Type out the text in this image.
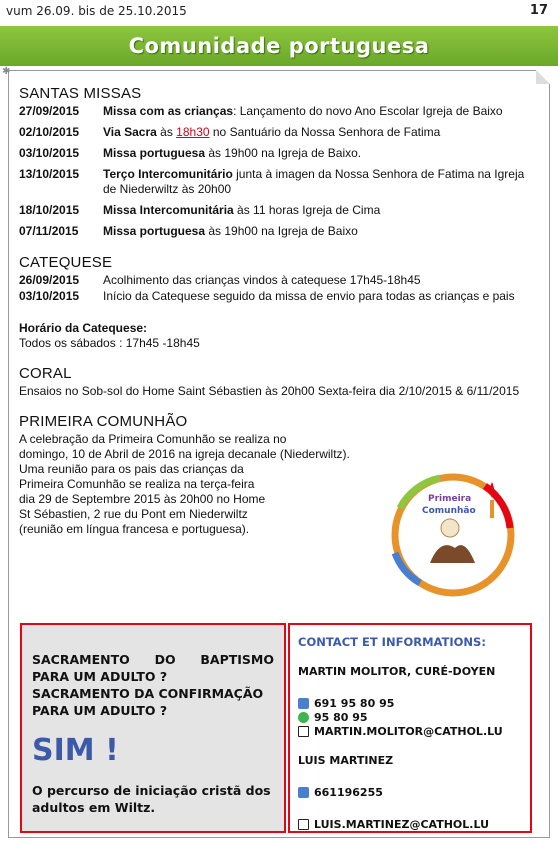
vum 26.09. bis de 25.10.2015	17
Comunidade portuguesa
✱
SANTAS MISSAS
27/09/2015	Missa com as crianças: Lançamento do novo Ano Escolar Igreja de Baixo
02/10/2015	Via Sacra às 18h30 no Santuário da Nossa Senhora de Fatima
03/10/2015	Missa portuguesa às 19h00 na Igreja de Baixo.
13/10/2015	Terço Intercomunitário junta à imagen da Nossa Senhora de Fatima na Igreja de Niederwiltz às 20h00
18/10/2015	Missa Intercomunitária às 11 horas Igreja de Cima
07/11/2015	Missa portuguesa às 19h00 na Igreja de Baixo
CATEQUESE
26/09/2015	Acolhimento das crianças vindos à catequese 17h45-18h45
03/10/2015	Início da Catequese seguido da missa de envio para todas as crianças e pais
Horário da Catequese:
Todos os sábados : 17h45 -18h45
CORAL
Ensaios no Sob-sol do Home Saint Sébastien às 20h00 Sexta-feira dia 2/10/2015 & 6/11/2015
PRIMEIRA COMUNHÃO
A celebração da Primeira Comunhão se realiza no
domingo, 10 de Abril de 2016 na igreja decanale (Niederwiltz).
Uma reunião para os pais das crianças da
Primeira Comunhão se realiza na terça-feira
dia 29 de Septembre 2015 às 20h00 no Home
St Sébastien, 2 rue du Pont em Niederwiltz
(reunião em língua francesa e portuguesa).
Primeira
Comunhão
SACRAMENTO DO BAPTISMO
PARA UM ADULTO ?
SACRAMENTO DA CONFIRMAÇÃO
PARA UM ADULTO ?
SIM !
O percurso de iniciação cristã dos adultos em Wiltz.
CONTACT ET INFORMATIONS:
MARTIN MOLITOR, CURÉ-DOYEN
691 95 80 95
95 80 95
MARTIN.MOLITOR@CATHOL.LU
LUIS MARTINEZ
661196255
LUIS.MARTINEZ@CATHOL.LU
